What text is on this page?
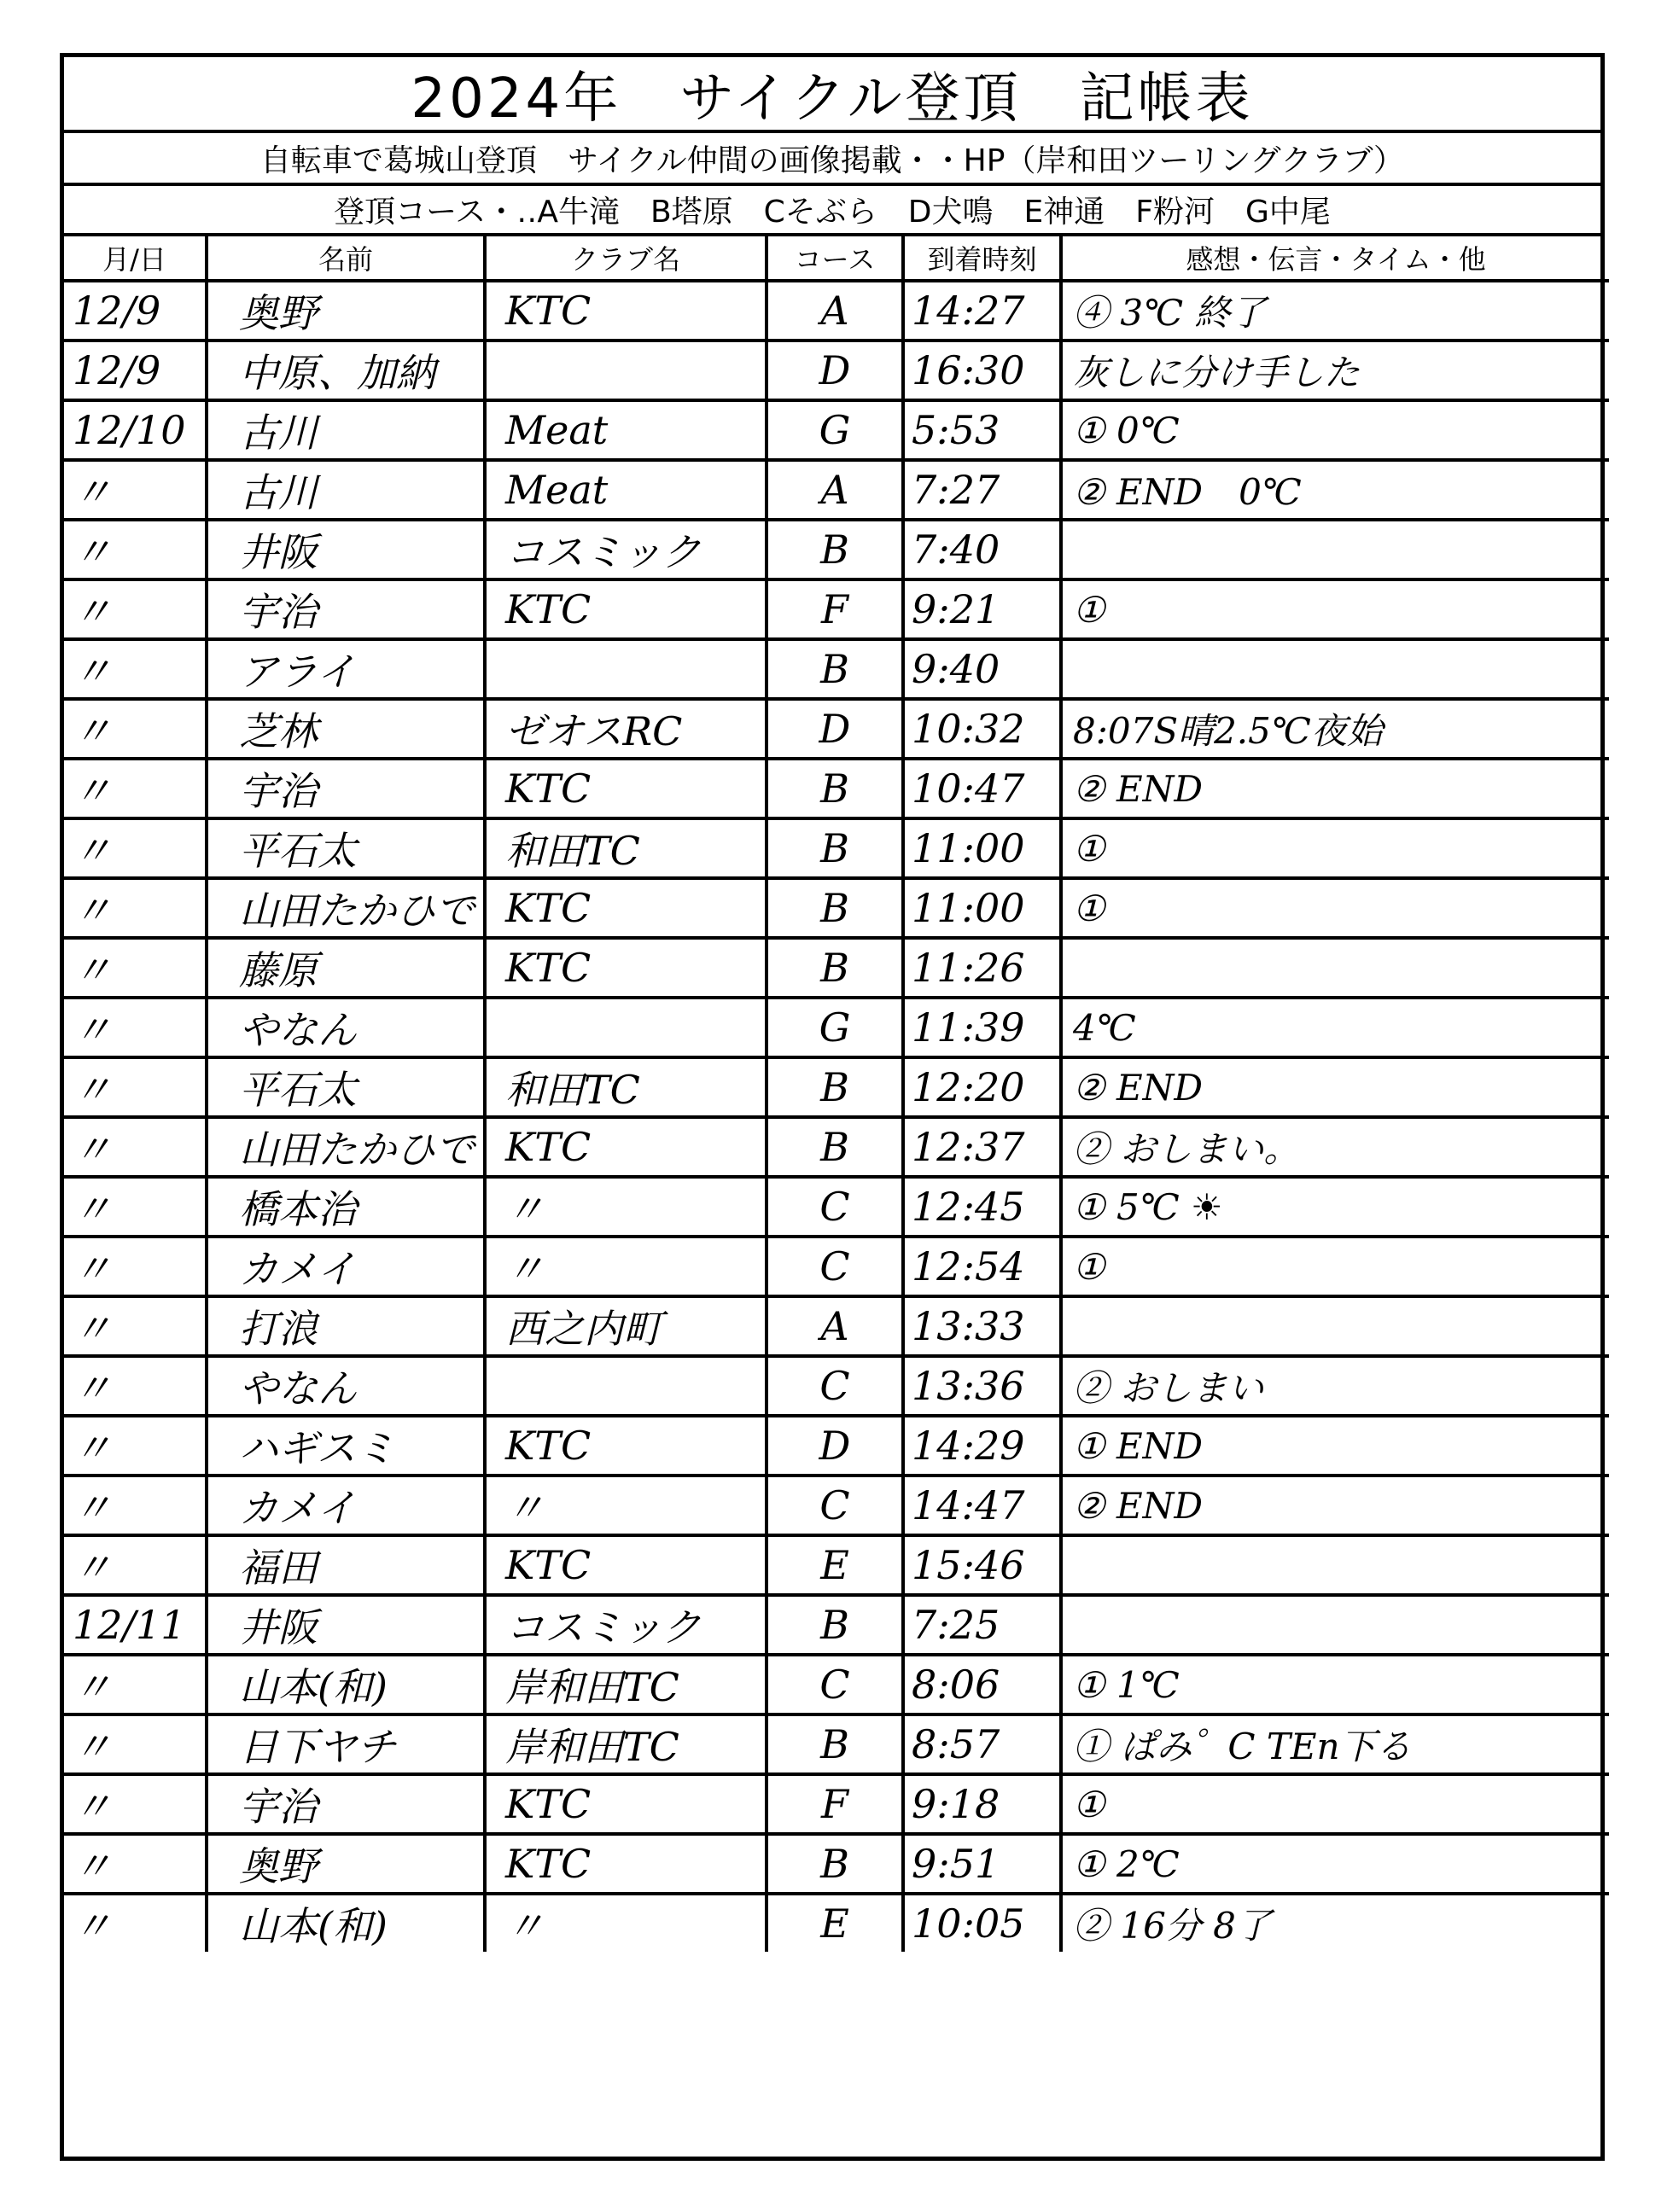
2024年　サイクル登頂　記帳表
自転車で葛城山登頂　サイクル仲間の画像掲載・・HP（岸和田ツーリングクラブ）
登頂コース・‥A牛滝　B塔原　Cそぶら　D犬鳴　E神通　F粉河　G中尾
月/日	名前	クラブ名	コース	到着時刻	感想・伝言・タイム・他
12/9	奥野	KTC	A	14:27	④ 3℃ 終了
12/9	中原、加納		D	16:30	灰しに分け手した
12/10	古川	Meat	G	5:53	① 0℃
〃	古川	Meat	A	7:27	② END　0℃
〃	井阪	コスミック	B	7:40	
〃	宇治	KTC	F	9:21	①
〃	アライ		B	9:40	
〃	芝林	ゼオスRC	D	10:32	8:07S晴2.5℃夜始
〃	宇治	KTC	B	10:47	② END
〃	平石太	和田TC	B	11:00	①
〃	山田たかひで	KTC	B	11:00	①
〃	藤原	KTC	B	11:26	
〃	やなん		G	11:39	4℃
〃	平石太	和田TC	B	12:20	② END
〃	山田たかひで	KTC	B	12:37	② おしまい。
〃	橋本治	〃	C	12:45	① 5℃ ☀
〃	カメイ	〃	C	12:54	①
〃	打浪	西之内町	A	13:33	
〃	やなん		C	13:36	② おしまい
〃	ハギスミ	KTC	D	14:29	① END
〃	カメイ	〃	C	14:47	② END
〃	福田	KTC	E	15:46	
12/11	井阪	コスミック	B	7:25	
〃	山本(和)	岸和田TC	C	8:06	① 1℃
〃	日下ヤチ	岸和田TC	B	8:57	① ぱみ゜C TEn下る
〃	宇治	KTC	F	9:18	①
〃	奥野	KTC	B	9:51	① 2℃
〃	山本(和)	〃	E	10:05	② 16分 8了
